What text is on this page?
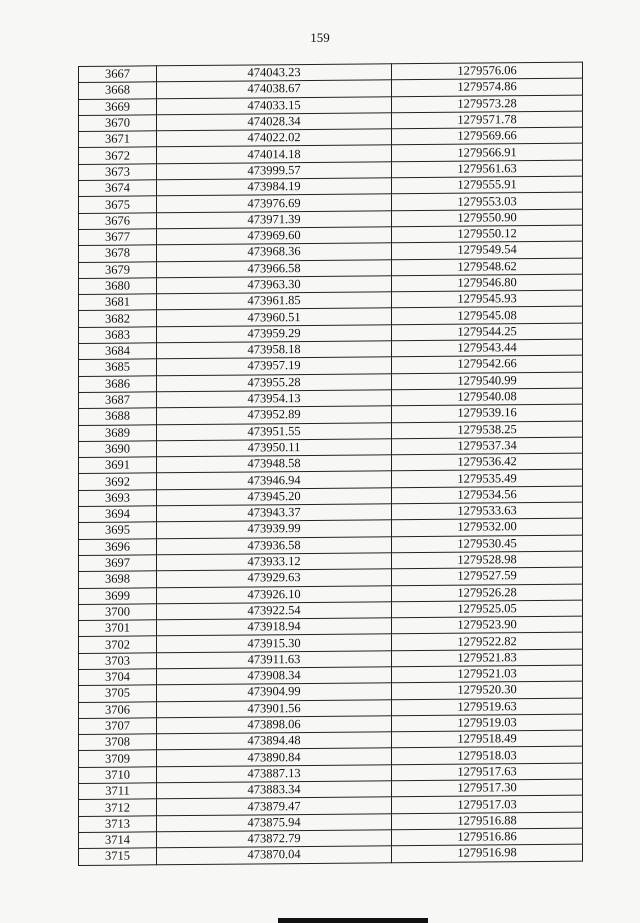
159
3667	474043.23	1279576.06
3668	474038.67	1279574.86
3669	474033.15	1279573.28
3670	474028.34	1279571.78
3671	474022.02	1279569.66
3672	474014.18	1279566.91
3673	473999.57	1279561.63
3674	473984.19	1279555.91
3675	473976.69	1279553.03
3676	473971.39	1279550.90
3677	473969.60	1279550.12
3678	473968.36	1279549.54
3679	473966.58	1279548.62
3680	473963.30	1279546.80
3681	473961.85	1279545.93
3682	473960.51	1279545.08
3683	473959.29	1279544.25
3684	473958.18	1279543.44
3685	473957.19	1279542.66
3686	473955.28	1279540.99
3687	473954.13	1279540.08
3688	473952.89	1279539.16
3689	473951.55	1279538.25
3690	473950.11	1279537.34
3691	473948.58	1279536.42
3692	473946.94	1279535.49
3693	473945.20	1279534.56
3694	473943.37	1279533.63
3695	473939.99	1279532.00
3696	473936.58	1279530.45
3697	473933.12	1279528.98
3698	473929.63	1279527.59
3699	473926.10	1279526.28
3700	473922.54	1279525.05
3701	473918.94	1279523.90
3702	473915.30	1279522.82
3703	473911.63	1279521.83
3704	473908.34	1279521.03
3705	473904.99	1279520.30
3706	473901.56	1279519.63
3707	473898.06	1279519.03
3708	473894.48	1279518.49
3709	473890.84	1279518.03
3710	473887.13	1279517.63
3711	473883.34	1279517.30
3712	473879.47	1279517.03
3713	473875.94	1279516.88
3714	473872.79	1279516.86
3715	473870.04	1279516.98
